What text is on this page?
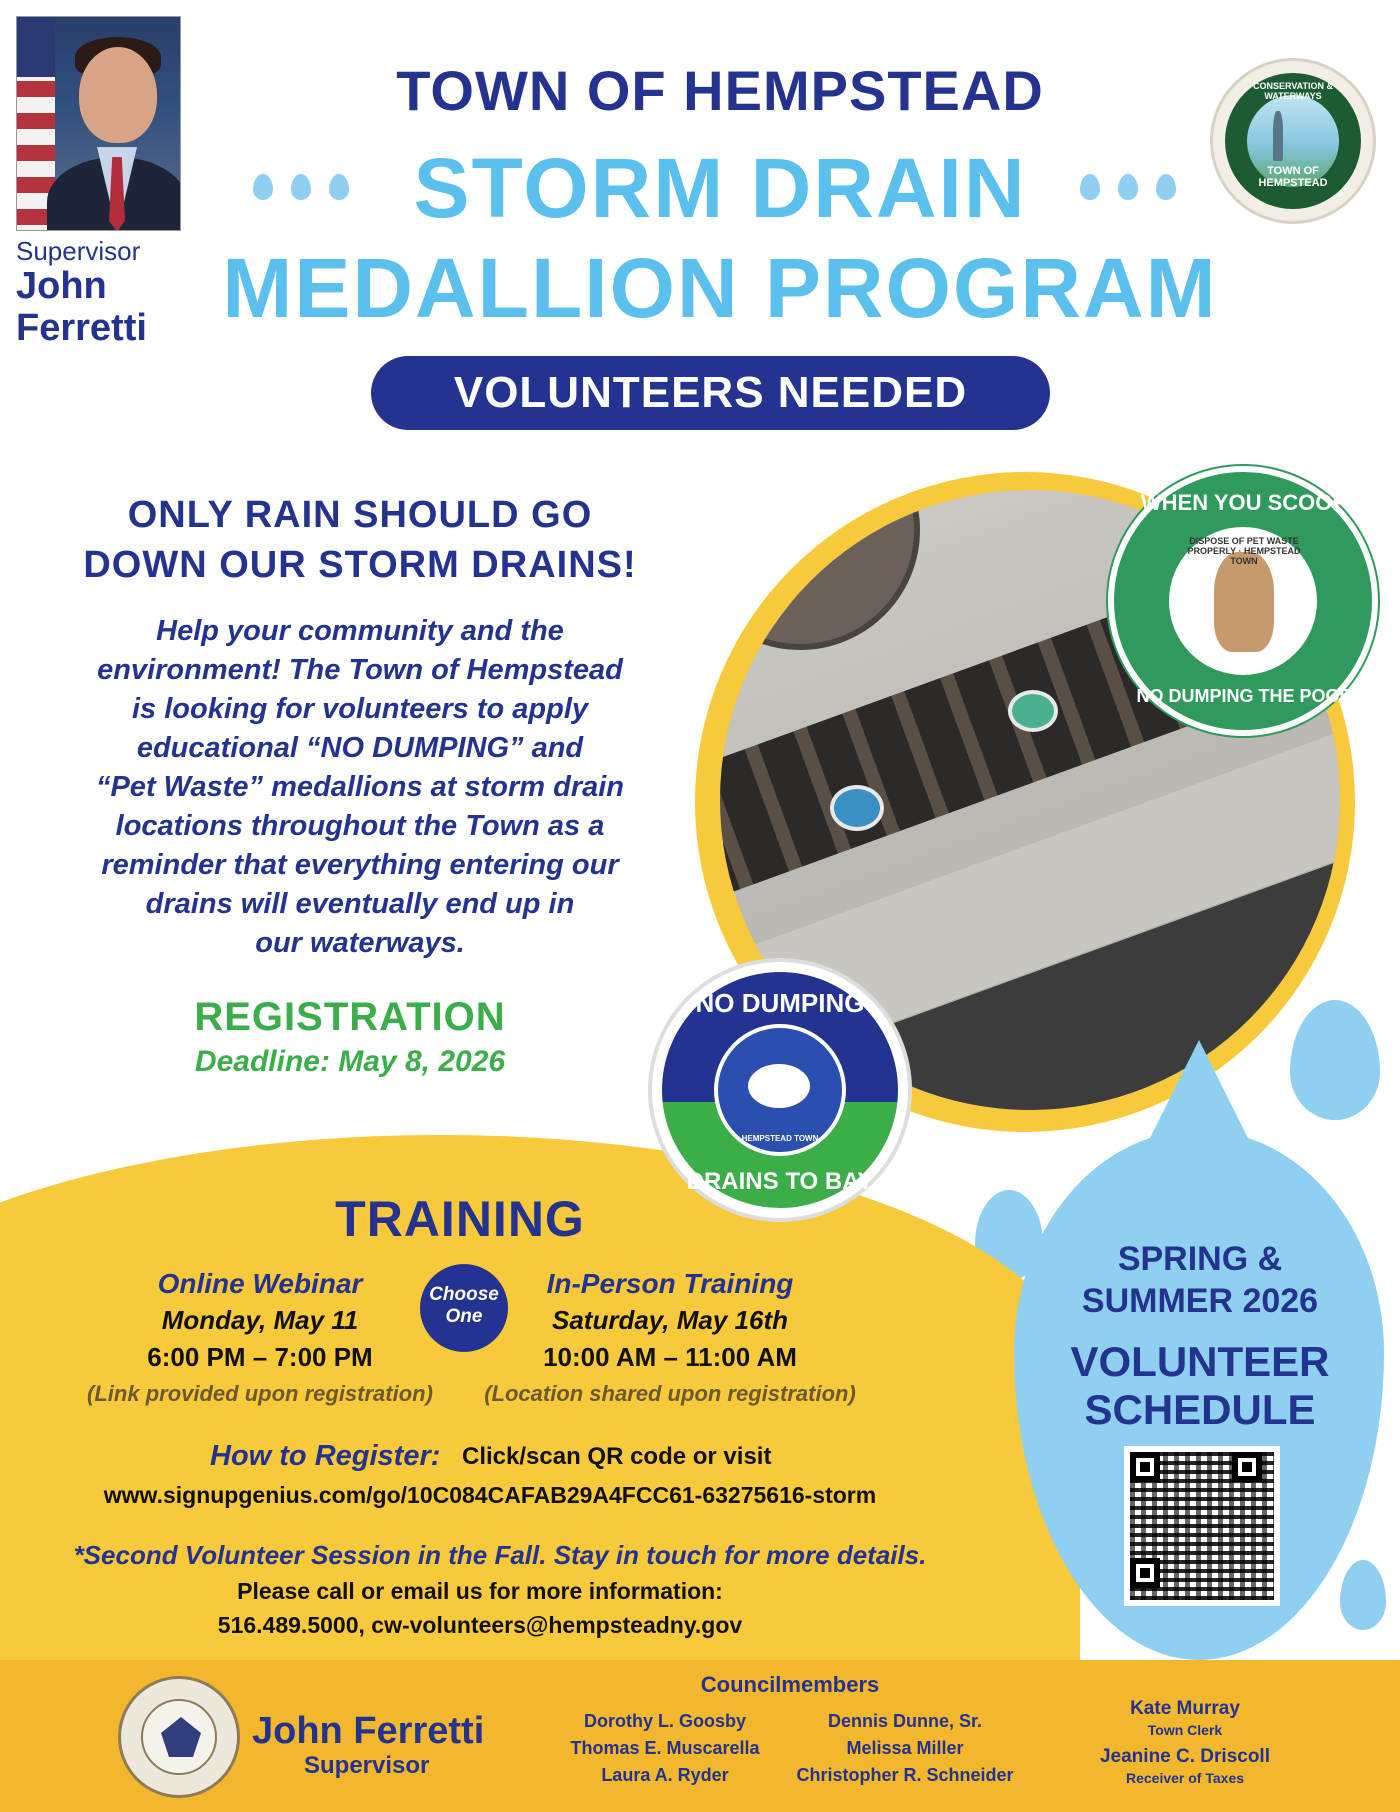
Supervisor
John
Ferretti
TOWN OF HEMPSTEAD
STORM DRAIN
MEDALLION PROGRAM
VOLUNTEERS NEEDED
CONSERVATION & WATERWAYS
TOWN OF HEMPSTEAD
ONLY RAIN SHOULD GO
DOWN OUR STORM DRAINS!
Help your community and the
environment! The Town of Hempstead
is looking for volunteers to apply
educational “NO DUMPING” and
“Pet Waste” medallions at storm drain
locations throughout the Town as a
reminder that everything entering our
drains will eventually end up in
our waterways.
REGISTRATION
Deadline: May 8, 2026
WHEN YOU SCOOP
DISPOSE OF PET WASTE PROPERLY · HEMPSTEAD TOWN
NO DUMPING THE POOP
NO DUMPING
HEMPSTEAD TOWN
DRAINS TO BAY
TRAINING
Online Webinar
Monday, May 11
6:00 PM – 7:00 PM
(Link provided upon registration)
Choose One
In-Person Training
Saturday, May 16th
10:00 AM – 11:00 AM
(Location shared upon registration)
How to Register: Click/scan QR code or visit
www.signupgenius.com/go/10C084CAFAB29A4FCC61-63275616-storm
*Second Volunteer Session in the Fall. Stay in touch for more details.
Please call or email us for more information:
516.489.5000, cw-volunteers@hempsteadny.gov
SPRING &
SUMMER 2026
VOLUNTEER
SCHEDULE
John Ferretti
Supervisor
Councilmembers
Dorothy L. Goosby
Thomas E. Muscarella
Laura A. Ryder
Dennis Dunne, Sr.
Melissa Miller
Christopher R. Schneider
Kate Murray
Town Clerk
Jeanine C. Driscoll
Receiver of Taxes
